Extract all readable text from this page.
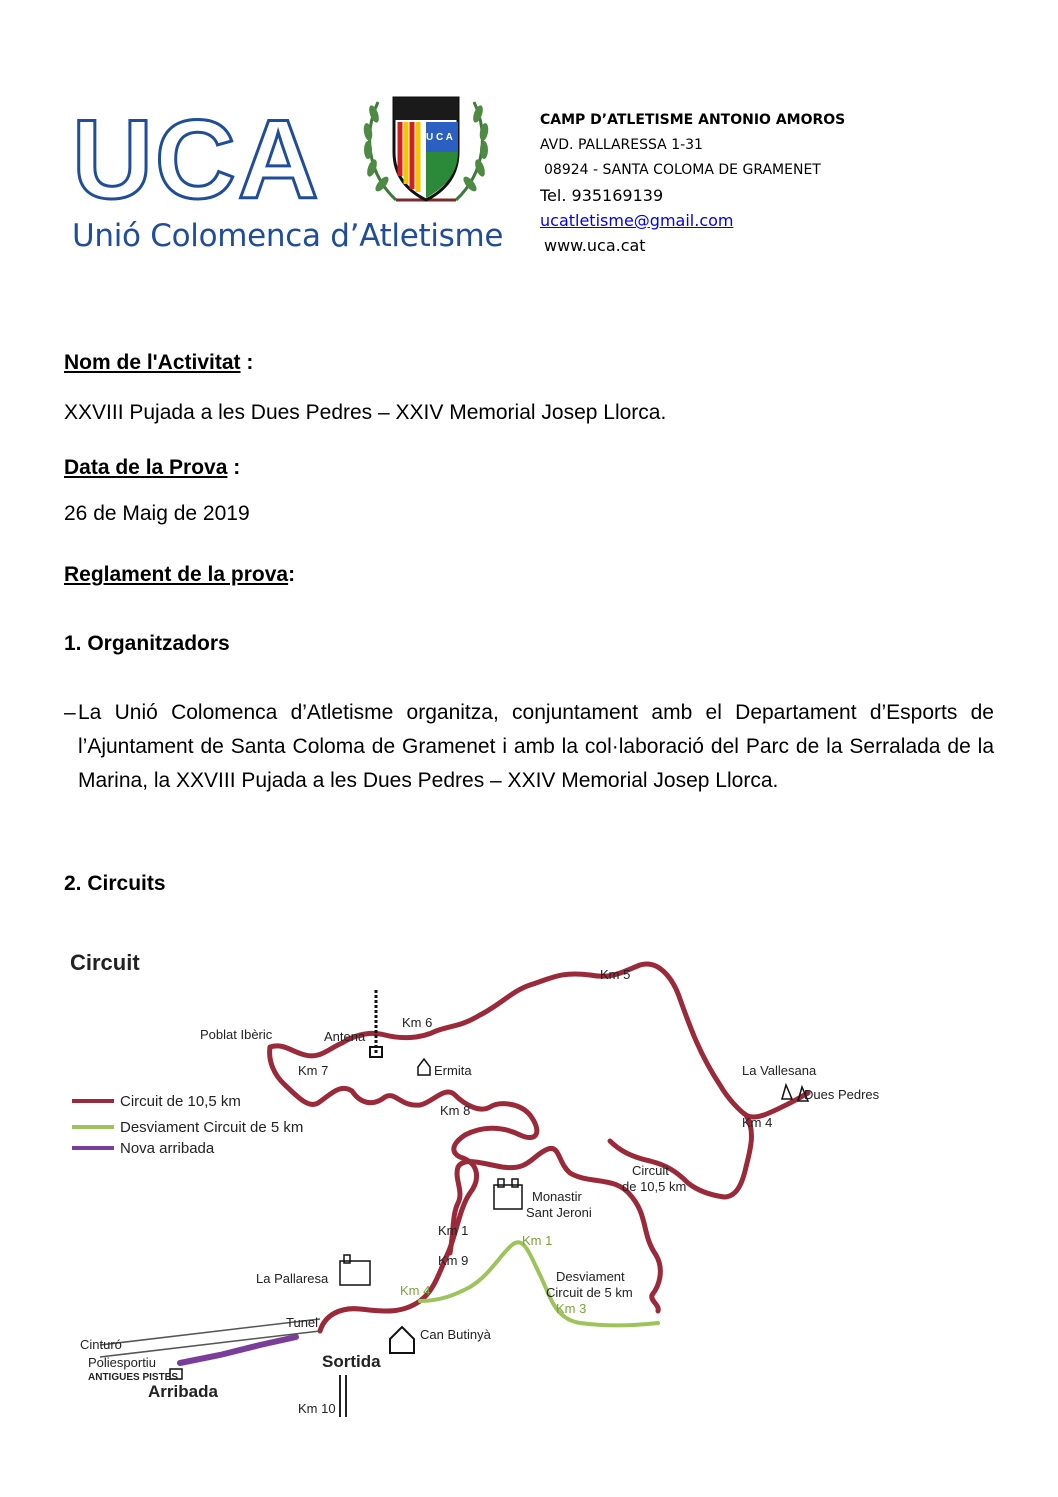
UCA	U C A
Unió Colomenca d’Atletisme
CAMP D’ATLETISME ANTONIO AMOROS
AVD. PALLARESSA 1-31
08924 - SANTA COLOMA DE GRAMENET
Tel. 935169139
ucatletisme@gmail.com
www.uca.cat
Nom de l'Activitat :
XXVIII Pujada a les Dues Pedres – XXIV Memorial Josep Llorca.
Data de la Prova :
26 de Maig de 2019
Reglament de la prova:
1. Organitzadors
– La Unió Colomenca d’Atletisme organitza, conjuntament amb el Departament d’Esports de l’Ajuntament de Santa Coloma de Gramenet i amb la col·laboració del Parc de la Serralada de la Marina, la XXVIII Pujada a les Dues Pedres – XXIV Memorial Josep Llorca.
2. Circuits
Circuit
Circuit de 10,5 km
Desviament Circuit de 5 km
Nova arribada
Km 5
Km 6
Km 7
Km 8
Km 4
Km 1
Km 9
Km 1
Km 4
Km 3
Km 10
Poblat Ibèric	Antena
Ermita	La Vallesana
Dues Pedres
Circuit
de 10,5 km
Monastir
Sant Jeroni
La Pallaresa	Desviament
Circuit de 5 km
Tunel
Can Butinyà
Cinturó
Poliesportiu
ANTIGUES PISTES
Arribada
Sortida
